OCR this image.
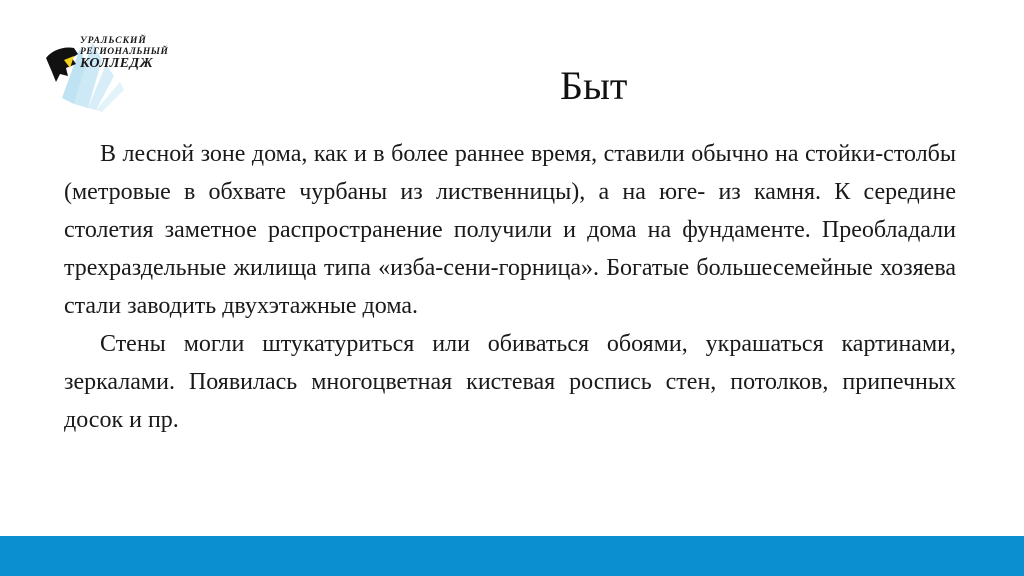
УРАЛЬСКИЙ
РЕГИОНАЛЬНЫЙ
КОЛЛЕДЖ	Быт

В лесной зоне дома, как и в более раннее время, ставили обычно на стойки-столбы (метровые в обхвате чурбаны из лиственницы), а на юге- из камня. К середине столетия заметное распространение получили и дома на фундаменте. Преобладали трехраздельные жилища типа «изба-сени-горница». Богатые большесемейные хозяева стали заводить двухэтажные дома.

Стены могли штукатуриться или обиваться обоями, украшаться картинами, зеркалами. Появилась многоцветная кистевая роспись стен, потолков, припечных досок и пр.
